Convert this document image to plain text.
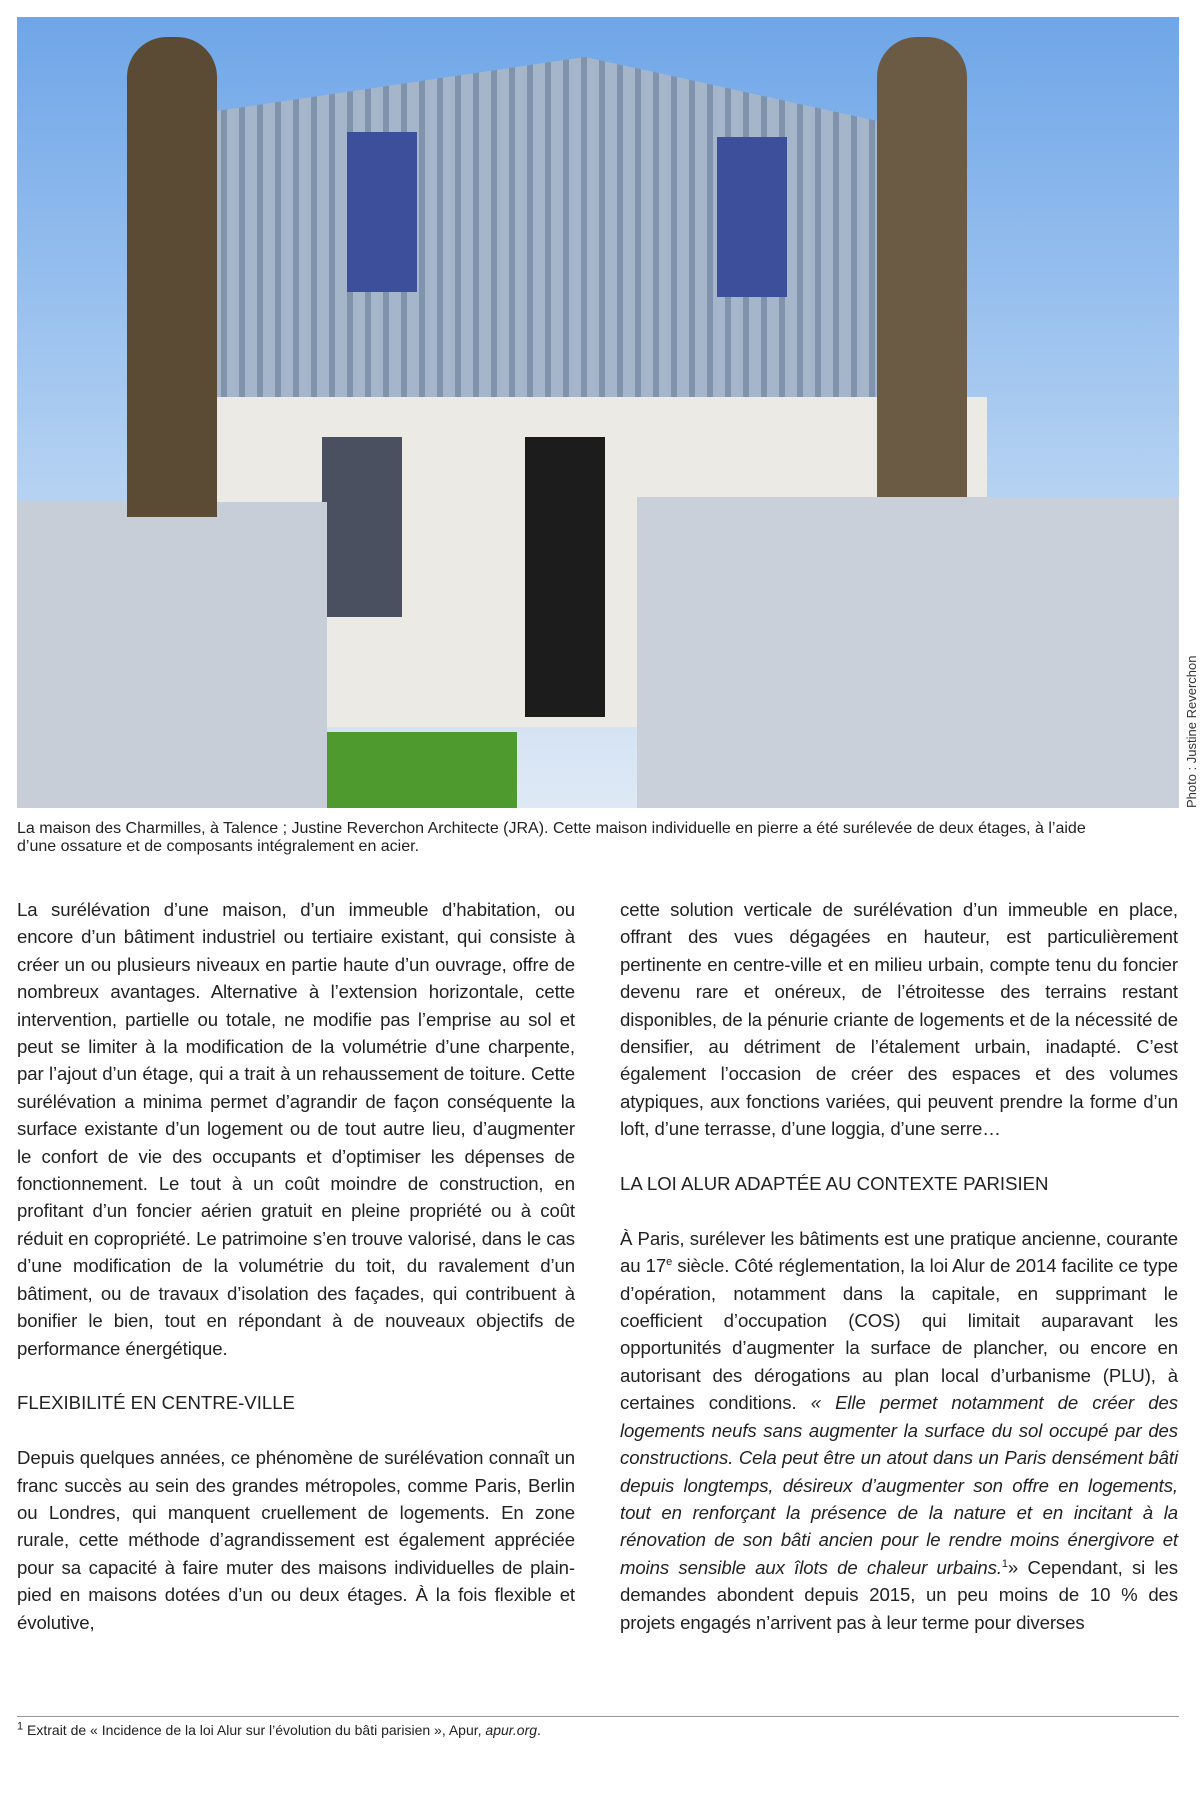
Photo : Justine Reverchon
La maison des Charmilles, à Talence ; Justine Reverchon Architecte (JRA). Cette maison individuelle en pierre a été surélevée de deux étages, à l’aide d’une ossature et de composants intégralement en acier.

La surélévation d’une maison, d’un immeuble d’habitation, ou encore d’un bâtiment industriel ou tertiaire existant, qui consiste à créer un ou plusieurs niveaux en partie haute d’un ouvrage, offre de nombreux avantages. Alternative à l’extension horizontale, cette intervention, partielle ou totale, ne modifie pas l’emprise au sol et peut se limiter à la modification de la volumétrie d’une charpente, par l’ajout d’un étage, qui a trait à un rehaussement de toiture. Cette surélévation a minima permet d’agrandir de façon conséquente la surface existante d’un logement ou de tout autre lieu, d’augmenter le confort de vie des occupants et d’optimiser les dépenses de fonctionnement. Le tout à un coût moindre de construction, en profitant d’un foncier aérien gratuit en pleine propriété ou à coût réduit en copropriété. Le patrimoine s’en trouve valorisé, dans le cas d’une modification de la volumétrie du toit, du ravalement d’un bâtiment, ou de travaux d’isolation des façades, qui contribuent à bonifier le bien, tout en répondant à de nouveaux objectifs de performance énergétique.

FLEXIBILITÉ EN CENTRE-VILLE

Depuis quelques années, ce phénomène de surélévation connaît un franc succès au sein des grandes métropoles, comme Paris, Berlin ou Londres, qui manquent cruellement de logements. En zone rurale, cette méthode d’agrandissement est également appréciée pour sa capacité à faire muter des maisons individuelles de plain-pied en maisons dotées d’un ou deux étages. À la fois flexible et évolutive,

cette solution verticale de surélévation d’un immeuble en place, offrant des vues dégagées en hauteur, est particulièrement pertinente en centre-ville et en milieu urbain, compte tenu du foncier devenu rare et onéreux, de l’étroitesse des terrains restant disponibles, de la pénurie criante de logements et de la nécessité de densifier, au détriment de l’étalement urbain, inadapté. C’est également l’occasion de créer des espaces et des volumes atypiques, aux fonctions variées, qui peuvent prendre la forme d’un loft, d’une terrasse, d’une loggia, d’une serre…

LA LOI ALUR ADAPTÉE AU CONTEXTE PARISIEN

À Paris, surélever les bâtiments est une pratique ancienne, courante au 17e siècle. Côté réglementation, la loi Alur de 2014 facilite ce type d’opération, notamment dans la capitale, en supprimant le coefficient d’occupation (COS) qui limitait auparavant les opportunités d’augmenter la surface de plancher, ou encore en autorisant des dérogations au plan local d’urbanisme (PLU), à certaines conditions. « Elle permet notamment de créer des logements neufs sans augmenter la surface du sol occupé par des constructions. Cela peut être un atout dans un Paris densément bâti depuis longtemps, désireux d’augmenter son offre en logements, tout en renforçant la présence de la nature et en incitant à la rénovation de son bâti ancien pour le rendre moins énergivore et moins sensible aux îlots de chaleur urbains.$^1$» Cependant, si les demandes abondent depuis 2015, un peu moins de 10 % des projets engagés n’arrivent pas à leur terme pour diverses

$^1$ Extrait de « Incidence de la loi Alur sur l’évolution du bâti parisien », Apur, apur.org.
